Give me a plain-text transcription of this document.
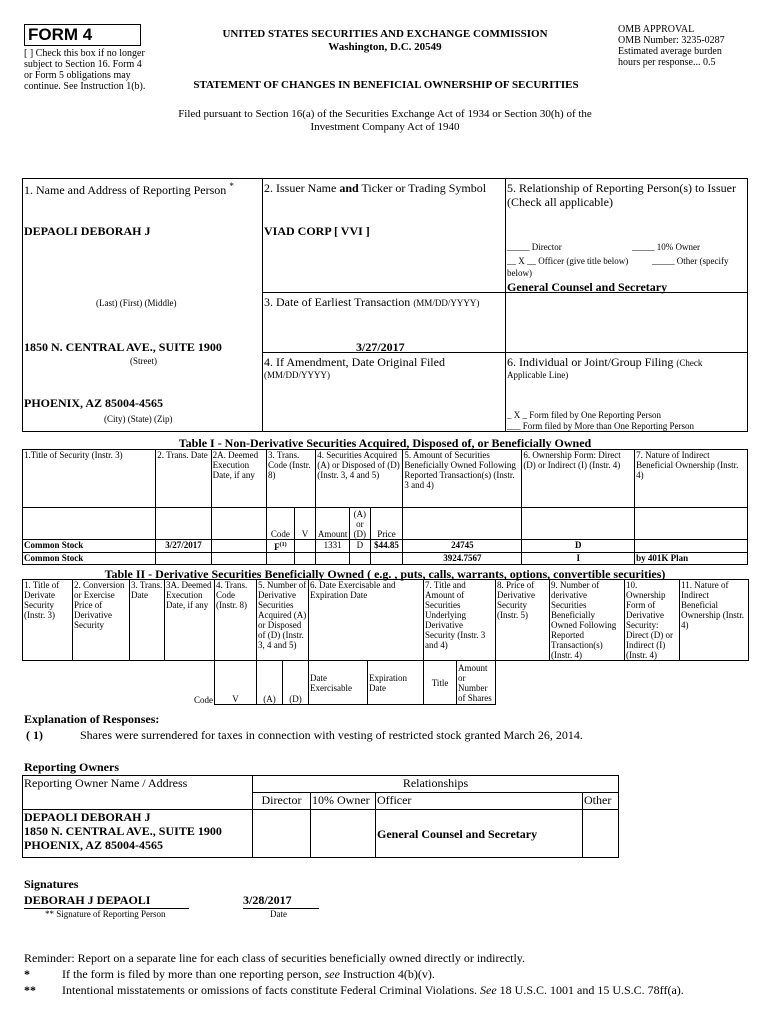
FORM 4
[ ] Check this box if no longer
subject to Section 16. Form 4
or Form 5 obligations may
continue. See Instruction 1(b).
UNITED STATES SECURITIES AND EXCHANGE COMMISSION
Washington, D.C. 20549
OMB APPROVAL
OMB Number: 3235-0287
Estimated average burden
hours per response... 0.5
STATEMENT OF CHANGES IN BENEFICIAL OWNERSHIP OF SECURITIES
Filed pursuant to Section 16(a) of the Securities Exchange Act of 1934 or Section 30(h) of the
Investment Company Act of 1940
1. Name and Address of Reporting Person *	2. Issuer Name and Ticker or Trading Symbol 5. Relationship of Reporting Person(s) to Issuer
(Check all applicable)
DEPAOLI DEBORAH J	VIAD CORP [ VVI ]
_____ Director	_____ 10% Owner
__ X __ Officer (give title below)	_____ Other (specify
below)
General Counsel and Secretary
(Last) (First) (Middle)	3. Date of Earliest Transaction (MM/DD/YYYY)
1850 N. CENTRAL AVE., SUITE 1900	3/27/2017
(Street)	4. If Amendment, Date Original Filed
(MM/DD/YYYY)
6. Individual or Joint/Group Filing (Check
Applicable Line)
PHOENIX, AZ 85004-4565
(City) (State) (Zip)	_ X _ Form filed by One Reporting Person
___ Form filed by More than One Reporting Person
Table I - Non-Derivative Securities Acquired, Disposed of, or Beneficially Owned
1.Title of Security (Instr. 3)	2. Trans. Date	2A. Deemed Execution Date, if any	3. Trans. Code (Instr. 8)		4. Securities Acquired (A) or Disposed of (D) (Instr. 3, 4 and 5)			5. Amount of Securities Beneficially Owned Following Reported Transaction(s) (Instr. 3 and 4)	6. Ownership Form: Direct (D) or Indirect (I) (Instr. 4)	7. Nature of Indirect Beneficial Ownership (Instr. 4)
			Code	V	Amount	(A) or (D)	Price			
Common Stock	3/27/2017		$F^{(1)}$		1331	D	$44.85	24745	D	
Common Stock								3924.7567	I	by 401K Plan
Table II - Derivative Securities Beneficially Owned ( e.g. , puts, calls, warrants, options, convertible securities)
1. Title of Derivate Security (Instr. 3)	2. Conversion or Exercise Price of Derivative Security	3. Trans. Date	3A. Deemed Execution Date, if any	4. Trans. Code (Instr. 8)	5. Number of Derivative Securities Acquired (A) or Disposed of (D) (Instr. 3, 4 and 5)		6. Date Exercisable and Expiration Date		7. Title and Amount of Securities Underlying Derivative Security (Instr. 3 and 4)		8. Price of Derivative Security (Instr. 5)	9. Number of derivative Securities Beneficially Owned Following Reported Transaction(s) (Instr. 4)	10. Ownership Form of Derivative Security: Direct (D) or Indirect (I) (Instr. 4)	11. Nature of Indirect Beneficial Ownership (Instr. 4)
			Code	V	(A)	(D)	Date Exercisable	Expiration Date	Title	Amount or Number of Shares				
Explanation of Responses:
( 1)	Shares were surrendered for taxes in connection with vesting of restricted stock granted March 26, 2014.
Reporting Owners
Reporting Owner Name / Address	Relationships			
	Director	10% Owner	Officer	Other

DEPAOLI DEBORAH J
1850 N. CENTRAL AVE., SUITE 1900
PHOENIX, AZ 85004-4565			General Counsel and Secretary	
Signatures
DEBORAH J DEPAOLI	3/28/2017
** Signature of Reporting Person	Date
Reminder: Report on a separate line for each class of securities beneficially owned directly or indirectly.
*	If the form is filed by more than one reporting person, see Instruction 4(b)(v).
** Intentional misstatements or omissions of facts constitute Federal Criminal Violations. See 18 U.S.C. 1001 and 15 U.S.C. 78ff(a).
